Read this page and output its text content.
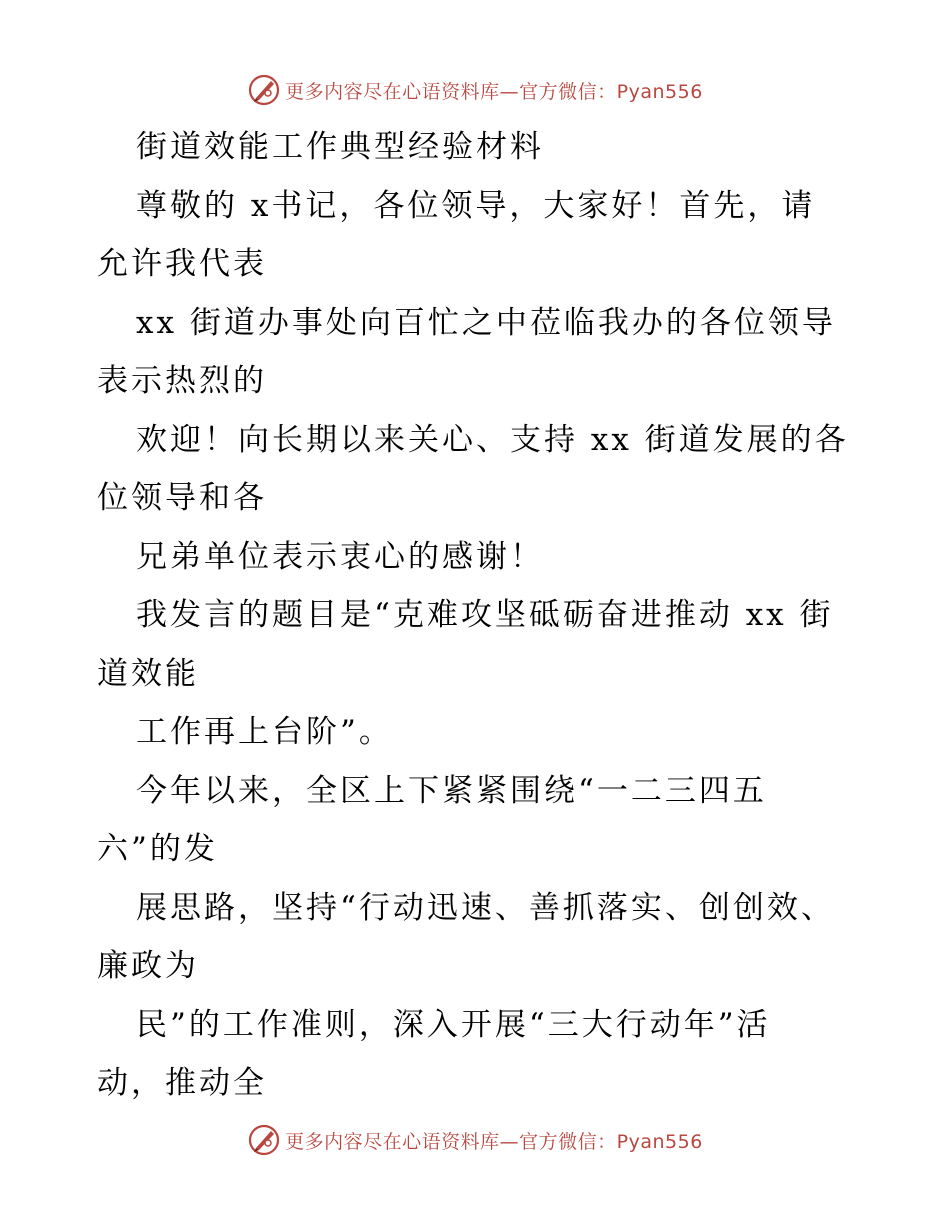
更多内容尽在心语资料库—官方微信：Pyan556

街道效能工作典型经验材料

尊敬的 x书记，各位领导，大家好！首先，请

允许我代表

xx 街道办事处向百忙之中莅临我办的各位领导

表示热烈的

欢迎！向长期以来关心、支持 xx 街道发展的各

位领导和各

兄弟单位表示衷心的感谢！

我发言的题目是“克难攻坚砥砺奋进推动 xx 街

道效能

工作再上台阶”。

今年以来，全区上下紧紧围绕“一二三四五

六”的发

展思路，坚持“行动迅速、善抓落实、创创效、

廉政为

民”的工作准则，深入开展“三大行动年”活

动，推动全

更多内容尽在心语资料库—官方微信：Pyan556
